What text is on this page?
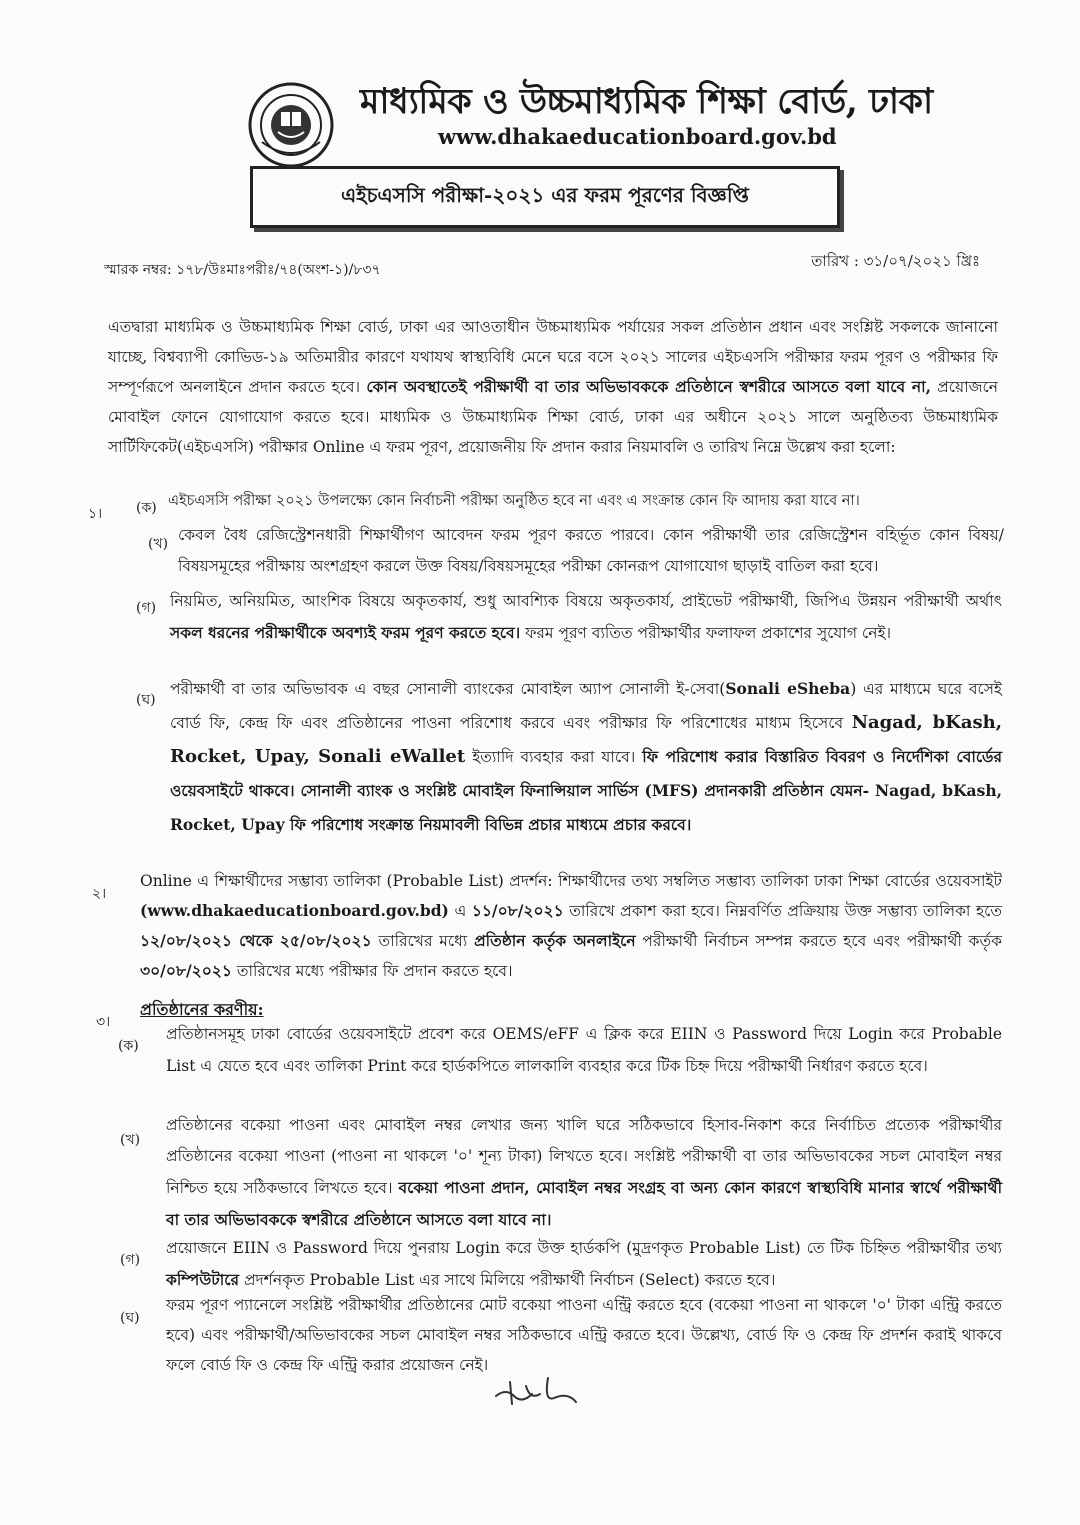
মাধ্যমিক ও উচ্চমাধ্যমিক শিক্ষা বোর্ড, ঢাকা
www.dhakaeducationboard.gov.bd
এইচএসসি পরীক্ষা-২০২১ এর ফরম পূরণের বিজ্ঞপ্তি
স্মারক নম্বর: ১৭৮/উঃমাঃপরীঃ/৭৪(অংশ-১)/৮৩৭	তারিখ : ৩১/০৭/২০২১ খ্রিঃ
এতদ্বারা মাধ্যমিক ও উচ্চমাধ্যমিক শিক্ষা বোর্ড, ঢাকা এর আওতাধীন উচ্চমাধ্যমিক পর্যায়ের সকল প্রতিষ্ঠান প্রধান এবং সংশ্লিষ্ট সকলকে জানানো যাচ্ছে, বিশ্বব্যাপী কোভিড-১৯ অতিমারীর কারণে যথাযথ স্বাস্থ্যবিধি মেনে ঘরে বসে ২০২১ সালের এইচএসসি পরীক্ষার ফরম পূরণ ও পরীক্ষার ফি সম্পূর্ণরূপে অনলাইনে প্রদান করতে হবে। কোন অবস্থাতেই পরীক্ষার্থী বা তার অভিভাবককে প্রতিষ্ঠানে স্বশরীরে আসতে বলা যাবে না, প্রয়োজনে মোবাইল ফোনে যোগাযোগ করতে হবে। মাধ্যমিক ও উচ্চমাধ্যমিক শিক্ষা বোর্ড, ঢাকা এর অধীনে ২০২১ সালে অনুষ্ঠিতব্য উচ্চমাধ্যমিক সার্টিফিকেট(এইচএসসি) পরীক্ষার Online এ ফরম পূরণ, প্রয়োজনীয় ফি প্রদান করার নিয়মাবলি ও তারিখ নিম্নে উল্লেখ করা হলো:
১। (ক) এইচএসসি পরীক্ষা ২০২১ উপলক্ষ্যে কোন নির্বাচনী পরীক্ষা অনুষ্ঠিত হবে না এবং এ সংক্রান্ত কোন ফি আদায় করা যাবে না।
(খ) কেবল বৈধ রেজিস্ট্রেশনধারী শিক্ষার্থীগণ আবেদন ফরম পূরণ করতে পারবে। কোন পরীক্ষার্থী তার রেজিস্ট্রেশন বহির্ভূত কোন বিষয়/বিষয়সমূহের পরীক্ষায় অংশগ্রহণ করলে উক্ত বিষয়/বিষয়সমূহের পরীক্ষা কোনরূপ যোগাযোগ ছাড়াই বাতিল করা হবে।
(গ) নিয়মিত, অনিয়মিত, আংশিক বিষয়ে অকৃতকার্য, শুধু আবশ্যিক বিষয়ে অকৃতকার্য, প্রাইভেট পরীক্ষার্থী, জিপিএ উন্নয়ন পরীক্ষার্থী অর্থাৎ সকল ধরনের পরীক্ষার্থীকে অবশ্যই ফরম পূরণ করতে হবে। ফরম পূরণ ব্যতিত পরীক্ষার্থীর ফলাফল প্রকাশের সুযোগ নেই।
(ঘ)
পরীক্ষার্থী বা তার অভিভাবক এ বছর সোনালী ব্যাংকের মোবাইল অ্যাপ সোনালী ই-সেবা(Sonali eSheba) এর মাধ্যমে ঘরে বসেই বোর্ড ফি, কেন্দ্র ফি এবং প্রতিষ্ঠানের পাওনা পরিশোধ করবে এবং পরীক্ষার ফি পরিশোধের মাধ্যম হিসেবে Nagad, bKash, Rocket, Upay, Sonali eWallet ইত্যাদি ব্যবহার করা যাবে। ফি পরিশোধ করার বিস্তারিত বিবরণ ও নির্দেশিকা বোর্ডের ওয়েবসাইটে থাকবে। সোনালী ব্যাংক ও সংশ্লিষ্ট মোবাইল ফিনান্সিয়াল সার্ভিস (MFS) প্রদানকারী প্রতিষ্ঠান যেমন- Nagad, bKash, Rocket, Upay ফি পরিশোধ সংক্রান্ত নিয়মাবলী বিভিন্ন প্রচার মাধ্যমে প্রচার করবে।
২।
Online এ শিক্ষার্থীদের সম্ভাব্য তালিকা (Probable List) প্রদর্শন: শিক্ষার্থীদের তথ্য সম্বলিত সম্ভাব্য তালিকা ঢাকা শিক্ষা বোর্ডের ওয়েবসাইট (www.dhakaeducationboard.gov.bd) এ ১১/০৮/২০২১ তারিখে প্রকাশ করা হবে। নিম্নবর্ণিত প্রক্রিয়ায় উক্ত সম্ভাব্য তালিকা হতে ১২/০৮/২০২১ থেকে ২৫/০৮/২০২১ তারিখের মধ্যে প্রতিষ্ঠান কর্তৃক অনলাইনে পরীক্ষার্থী নির্বাচন সম্পন্ন করতে হবে এবং পরীক্ষার্থী কর্তৃক ৩০/০৮/২০২১ তারিখের মধ্যে পরীক্ষার ফি প্রদান করতে হবে।
৩।
প্রতিষ্ঠানের করণীয়:
(ক)
প্রতিষ্ঠানসমূহ ঢাকা বোর্ডের ওয়েবসাইটে প্রবেশ করে OEMS/eFF এ ক্লিক করে EIIN ও Password দিয়ে Login করে Probable List এ যেতে হবে এবং তালিকা Print করে হার্ডকপিতে লালকালি ব্যবহার করে টিক চিহ্ন দিয়ে পরীক্ষার্থী নির্ধারণ করতে হবে।
(খ)
প্রতিষ্ঠানের বকেয়া পাওনা এবং মোবাইল নম্বর লেখার জন্য খালি ঘরে সঠিকভাবে হিসাব-নিকাশ করে নির্বাচিত প্রত্যেক পরীক্ষার্থীর প্রতিষ্ঠানের বকেয়া পাওনা (পাওনা না থাকলে '০' শূন্য টাকা) লিখতে হবে। সংশ্লিষ্ট পরীক্ষার্থী বা তার অভিভাবকের সচল মোবাইল নম্বর নিশ্চিত হয়ে সঠিকভাবে লিখতে হবে। বকেয়া পাওনা প্রদান, মোবাইল নম্বর সংগ্রহ বা অন্য কোন কারণে স্বাস্থ্যবিধি মানার স্বার্থে পরীক্ষার্থী বা তার অভিভাবককে স্বশরীরে প্রতিষ্ঠানে আসতে বলা যাবে না।
(গ)
প্রয়োজনে EIIN ও Password দিয়ে পুনরায় Login করে উক্ত হার্ডকপি (মুদ্রণকৃত Probable List) তে টিক চিহ্নিত পরীক্ষার্থীর তথ্য কম্পিউটারে প্রদর্শনকৃত Probable List এর সাথে মিলিয়ে পরীক্ষার্থী নির্বাচন (Select) করতে হবে।
(ঘ)
ফরম পূরণ প্যানেলে সংশ্লিষ্ট পরীক্ষার্থীর প্রতিষ্ঠানের মোট বকেয়া পাওনা এন্ট্রি করতে হবে (বকেয়া পাওনা না থাকলে '০' টাকা এন্ট্রি করতে হবে) এবং পরীক্ষার্থী/অভিভাবকের সচল মোবাইল নম্বর সঠিকভাবে এন্ট্রি করতে হবে। উল্লেখ্য, বোর্ড ফি ও কেন্দ্র ফি প্রদর্শন করাই থাকবে ফলে বোর্ড ফি ও কেন্দ্র ফি এন্ট্রি করার প্রয়োজন নেই।
